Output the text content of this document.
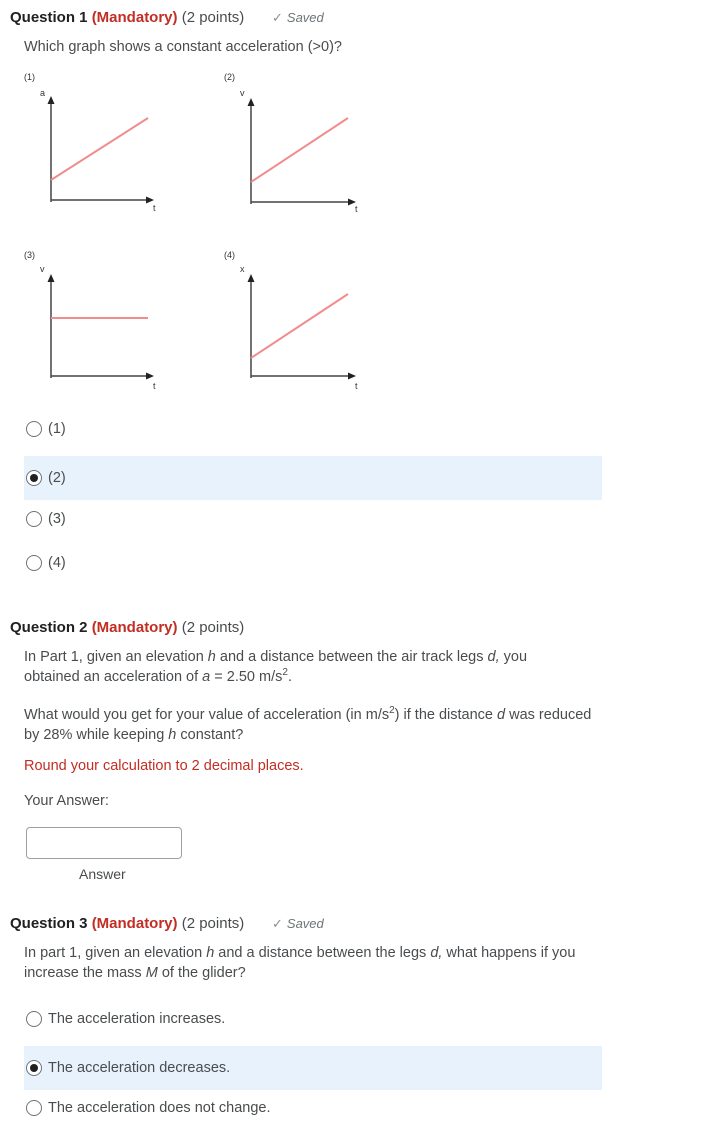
Question 1 (Mandatory) (2 points) ✓ Saved
Which graph shows a constant acceleration (>0)?
(1)
a
t
(2)
v
t
(3)
v
t
(4)
x
t
(1)
(2)
(3)
(4)
Question 2 (Mandatory) (2 points)
In Part 1, given an elevation h and a distance between the air track legs d, you obtained an acceleration of a = 2.50 $m/s^2$.
What would you get for your value of acceleration (in $m/s^2$) if the distance d was reduced by 28% while keeping h constant?
Round your calculation to 2 decimal places.
Your Answer:
Answer
Question 3 (Mandatory) (2 points) ✓ Saved
In part 1, given an elevation h and a distance between the legs d, what happens if you increase the mass M of the glider?
The acceleration increases.
The acceleration decreases.
The acceleration does not change.
